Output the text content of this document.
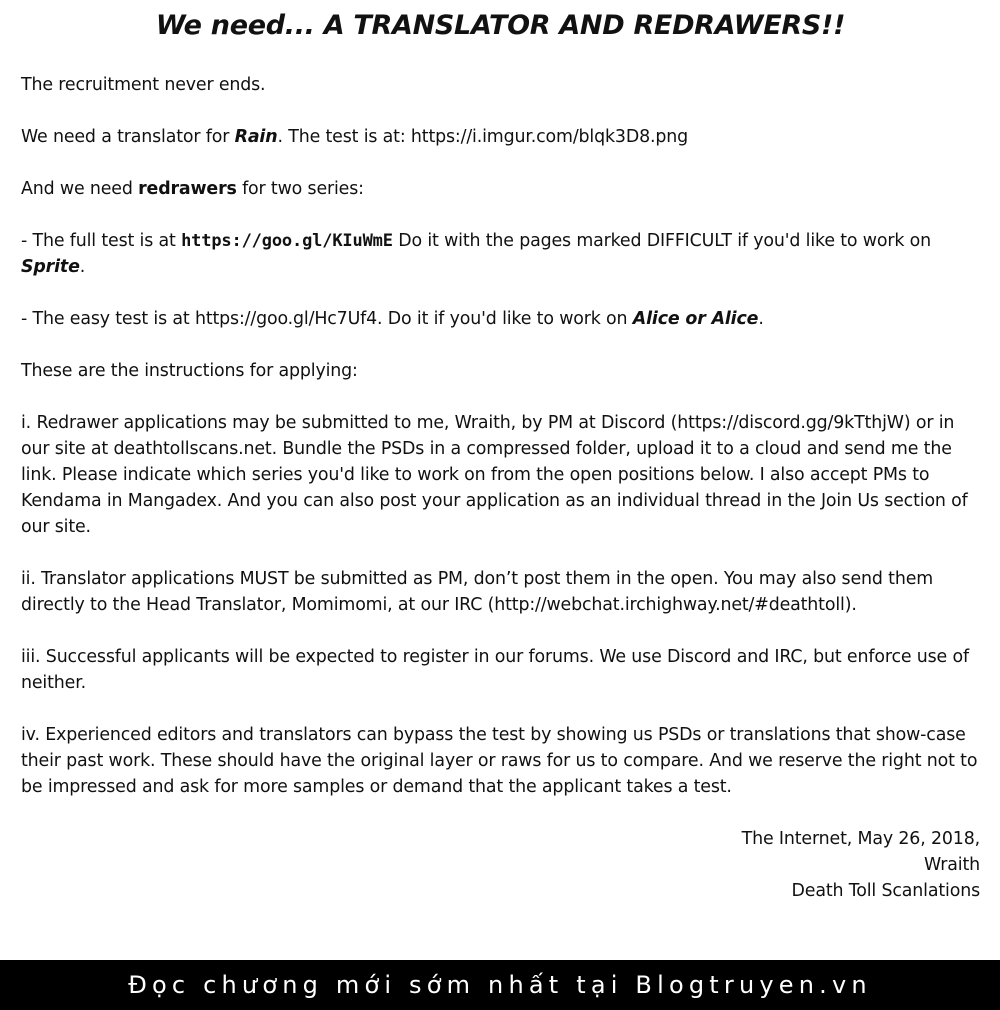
We need... A TRANSLATOR AND REDRAWERS!!

The recruitment never ends.

We need a translator for Rain. The test is at: https://i.imgur.com/blqk3D8.png

And we need redrawers for two series:

- The full test is at https://goo.gl/KIuWmE Do it with the pages marked DIFFICULT if you'd like to work on Sprite.

- The easy test is at https://goo.gl/Hc7Uf4. Do it if you'd like to work on Alice or Alice.

These are the instructions for applying:

i. Redrawer applications may be submitted to me, Wraith, by PM at Discord (https://discord.gg/9kTthjW) or in our site at deathtollscans.net. Bundle the PSDs in a compressed folder, upload it to a cloud and send me the link. Please indicate which series you'd like to work on from the open positions below. I also accept PMs to Kendama in Mangadex. And you can also post your application as an individual thread in the Join Us section of our site.

ii. Translator applications MUST be submitted as PM, don’t post them in the open. You may also send them directly to the Head Translator, Momimomi, at our IRC (http://webchat.irchighway.net/#deathtoll).

iii. Successful applicants will be expected to register in our forums. We use Discord and IRC, but enforce use of neither.

iv. Experienced editors and translators can bypass the test by showing us PSDs or translations that show-case their past work. These should have the original layer or raws for us to compare. And we reserve the right not to be impressed and ask for more samples or demand that the applicant takes a test.

The Internet, May 26, 2018,

Wraith

Death Toll Scanlations

Đọc chương mới sớm nhất tại Blogtruyen.vn
